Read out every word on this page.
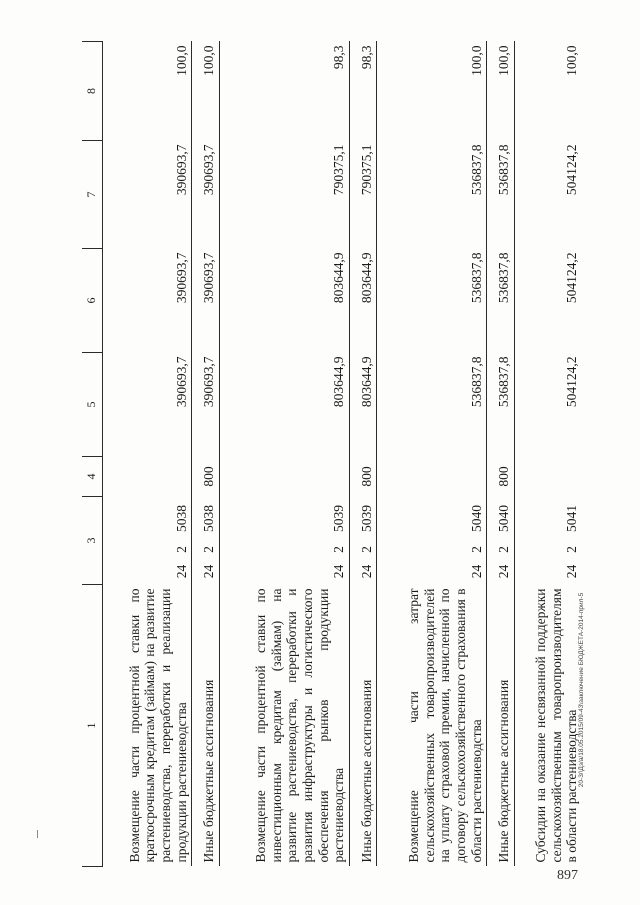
1	3			4	5	6	7	8
Возмещение части процентной ставки по краткосрочным кредитам (займам) на развитие растениеводства, переработки и реализации продукции растениеводства	24	2	5038		390693,7	390693,7	390693,7	100,0
Иные бюджетные ассигнования	24	2	5038	800	390693,7	390693,7	390693,7	100,0
Возмещение части процентной ставки по инвестиционным кредитам (займам) на развитие растениеводства, переработки и развития инфраструктуры и логистического обеспечения рынков продукции растениеводства	24	2	5039		803644,9	803644,9	790375,1	98,3
Иные бюджетные ассигнования	24	2	5039	800	803644,9	803644,9	790375,1	98,3
Возмещение части затрат сельскохозяйственных товаропроизводителей на уплату страховой премии, начисленной по договору сельскохозяйственного страхования в области растениеводства	24	2	5040		536837,8	536837,8	536837,8	100,0
Иные бюджетные ассигнования	24	2	5040	800	536837,8	536837,8	536837,8	100,0
Субсидии на оказание несвязанной поддержки сельскохозяйственным товаропроизводителям в области растениеводства	24	2	5041		504124,2	504124,2	504124,2	100,0
20-3/\Дз/a/18.05.2015/09-43\заключение БЮДЖЕТА-2014-прил-5
897
